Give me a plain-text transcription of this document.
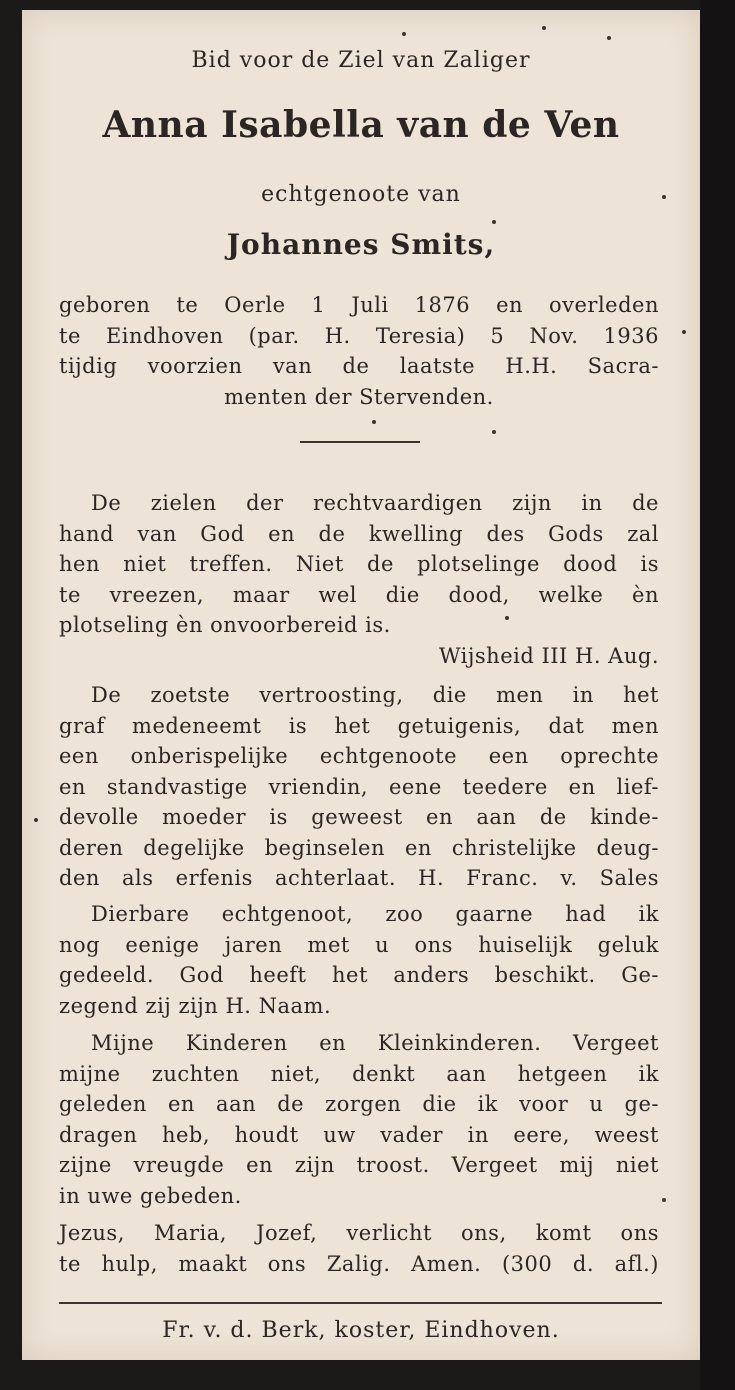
Bid voor de Ziel van Zaliger
Anna Isabella van de Ven
echtgenoote van
Johannes Smits,
geboren te Oerle 1 Juli 1876 en overleden
te Eindhoven (par. H. Teresia) 5 Nov. 1936
tijdig voorzien van de laatste H.H. Sacra-
menten der Stervenden.
De zielen der rechtvaardigen zijn in de
hand van God en de kwelling des Gods zal
hen niet treffen. Niet de plotselinge dood is
te vreezen, maar wel die dood, welke èn
plotseling èn onvoorbereid is.
Wijsheid III H. Aug.
De zoetste vertroosting, die men in het
graf medeneemt is het getuigenis, dat men
een onberispelijke echtgenoote een oprechte
en standvastige vriendin, eene teedere en lief-
devolle moeder is geweest en aan de kinde-
deren degelijke beginselen en christelijke deug-
den als erfenis achterlaat. H. Franc. v. Sales
Dierbare echtgenoot, zoo gaarne had ik
nog eenige jaren met u ons huiselijk geluk
gedeeld. God heeft het anders beschikt. Ge-
zegend zij zijn H. Naam.
Mijne Kinderen en Kleinkinderen. Vergeet
mijne zuchten niet, denkt aan hetgeen ik
geleden en aan de zorgen die ik voor u ge-
dragen heb, houdt uw vader in eere, weest
zijne vreugde en zijn troost. Vergeet mij niet
in uwe gebeden.
Jezus, Maria, Jozef, verlicht ons, komt ons
te hulp, maakt ons Zalig. Amen. (300 d. afl.)
Fr. v. d. Berk, koster, Eindhoven.
